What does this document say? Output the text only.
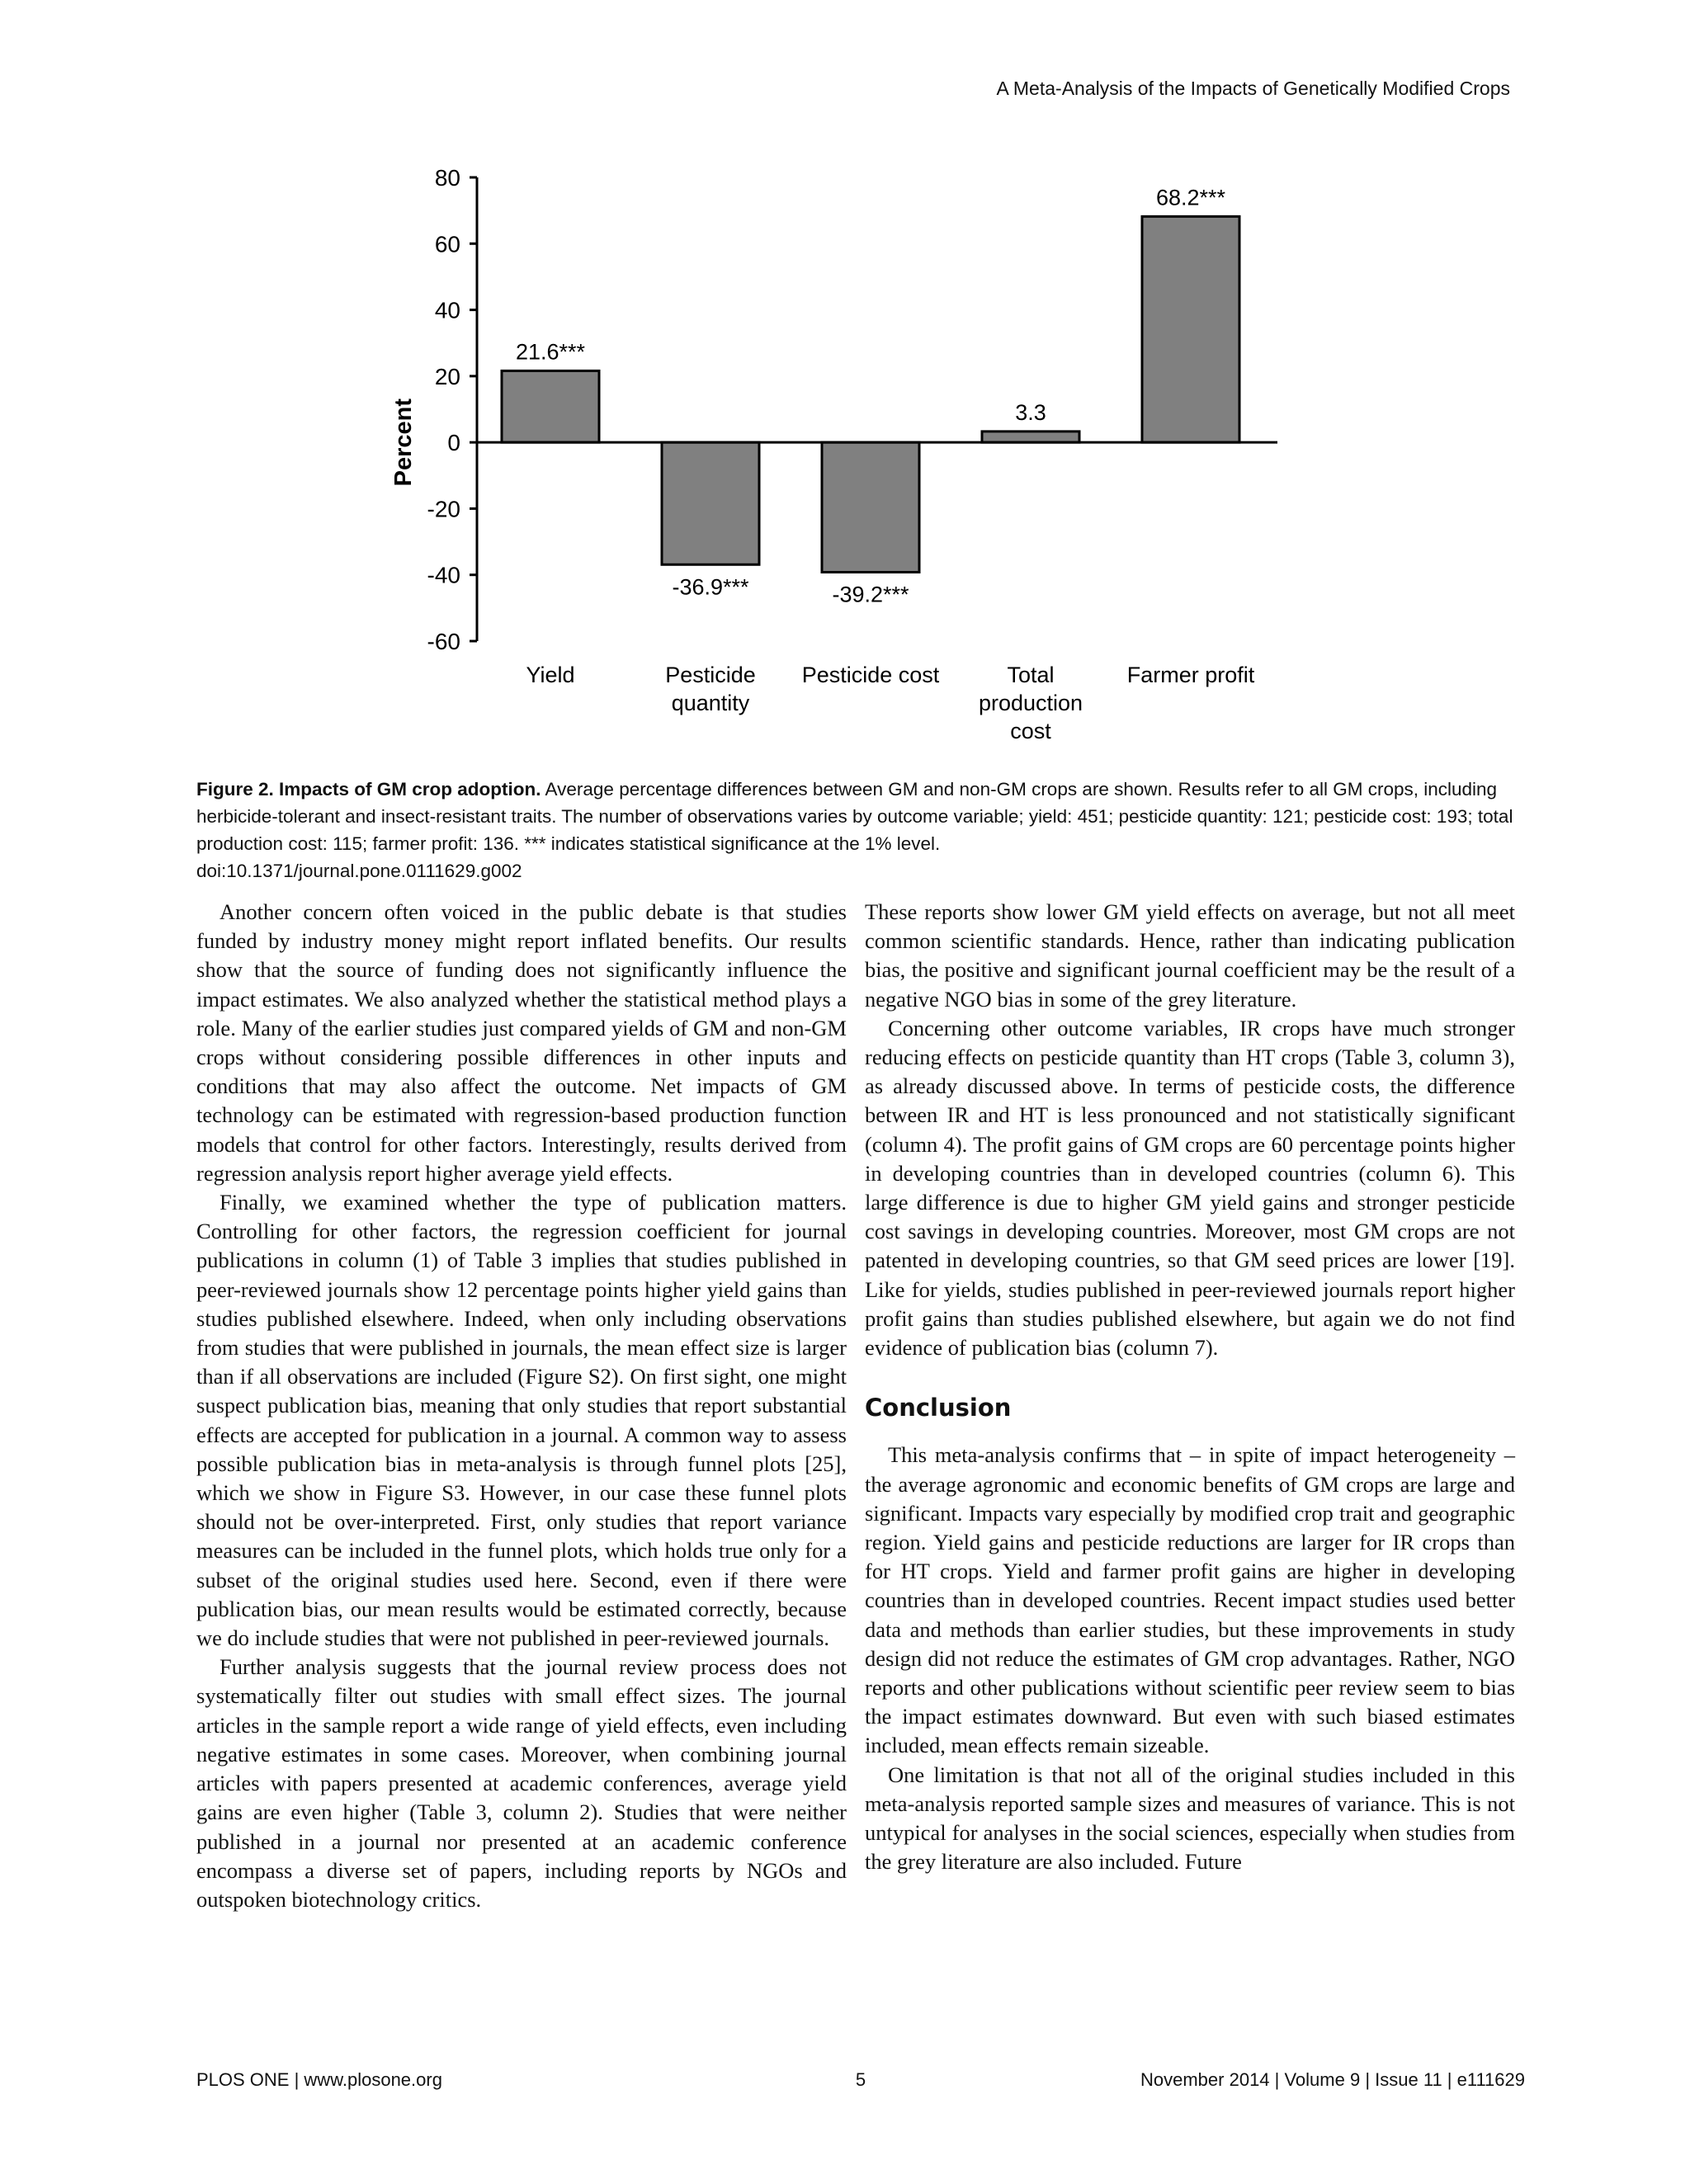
A Meta-Analysis of the Impacts of Genetically Modified Crops
-60
-40
-20
0
20
40
60
80
Percent
21.6***
Yield
-36.9***
Pesticide
quantity
-39.2***
Pesticide cost
3.3
Total
production
cost
68.2***
Farmer profit
Figure 2. Impacts of GM crop adoption. Average percentage differences between GM and non-GM crops are shown. Results refer to all GM crops, including herbicide-tolerant and insect-resistant traits. The number of observations varies by outcome variable; yield: 451; pesticide quantity: 121; pesticide cost: 193; total production cost: 115; farmer profit: 136. *** indicates statistical significance at the 1% level.
doi:10.1371/journal.pone.0111629.g002

Another concern often voiced in the public debate is that studies funded by industry money might report inflated benefits. Our results show that the source of funding does not significantly influence the impact estimates. We also analyzed whether the statistical method plays a role. Many of the earlier studies just compared yields of GM and non-GM crops without considering possible differences in other inputs and conditions that may also affect the outcome. Net impacts of GM technology can be estimated with regression-based production function models that control for other factors. Interestingly, results derived from regression analysis report higher average yield effects.

Finally, we examined whether the type of publication matters. Controlling for other factors, the regression coefficient for journal publications in column (1) of Table 3 implies that studies published in peer-reviewed journals show 12 percentage points higher yield gains than studies published elsewhere. Indeed, when only including observations from studies that were published in journals, the mean effect size is larger than if all observations are included (Figure S2). On first sight, one might suspect publication bias, meaning that only studies that report substantial effects are accepted for publication in a journal. A common way to assess possible publication bias in meta-analysis is through funnel plots [25], which we show in Figure S3. However, in our case these funnel plots should not be over-interpreted. First, only studies that report variance measures can be included in the funnel plots, which holds true only for a subset of the original studies used here. Second, even if there were publication bias, our mean results would be estimated correctly, because we do include studies that were not published in peer-reviewed journals.

Further analysis suggests that the journal review process does not systematically filter out studies with small effect sizes. The journal articles in the sample report a wide range of yield effects, even including negative estimates in some cases. Moreover, when combining journal articles with papers presented at academic conferences, average yield gains are even higher (Table 3, column 2). Studies that were neither published in a journal nor presented at an academic conference encompass a diverse set of papers, including reports by NGOs and outspoken biotechnology critics.

These reports show lower GM yield effects on average, but not all meet common scientific standards. Hence, rather than indicating publication bias, the positive and significant journal coefficient may be the result of a negative NGO bias in some of the grey literature.

Concerning other outcome variables, IR crops have much stronger reducing effects on pesticide quantity than HT crops (Table 3, column 3), as already discussed above. In terms of pesticide costs, the difference between IR and HT is less pronounced and not statistically significant (column 4). The profit gains of GM crops are 60 percentage points higher in developing countries than in developed countries (column 6). This large difference is due to higher GM yield gains and stronger pesticide cost savings in developing countries. Moreover, most GM crops are not patented in developing countries, so that GM seed prices are lower [19]. Like for yields, studies published in peer-reviewed journals report higher profit gains than studies published elsewhere, but again we do not find evidence of publication bias (column 7).

Conclusion

This meta-analysis confirms that – in spite of impact heterogeneity – the average agronomic and economic benefits of GM crops are large and significant. Impacts vary especially by modified crop trait and geographic region. Yield gains and pesticide reductions are larger for IR crops than for HT crops. Yield and farmer profit gains are higher in developing countries than in developed countries. Recent impact studies used better data and methods than earlier studies, but these improvements in study design did not reduce the estimates of GM crop advantages. Rather, NGO reports and other publications without scientific peer review seem to bias the impact estimates downward. But even with such biased estimates included, mean effects remain sizeable.

One limitation is that not all of the original studies included in this meta-analysis reported sample sizes and measures of variance. This is not untypical for analyses in the social sciences, especially when studies from the grey literature are also included. Future

PLOS ONE | www.plosone.org	5	November 2014 | Volume 9 | Issue 11 | e111629
